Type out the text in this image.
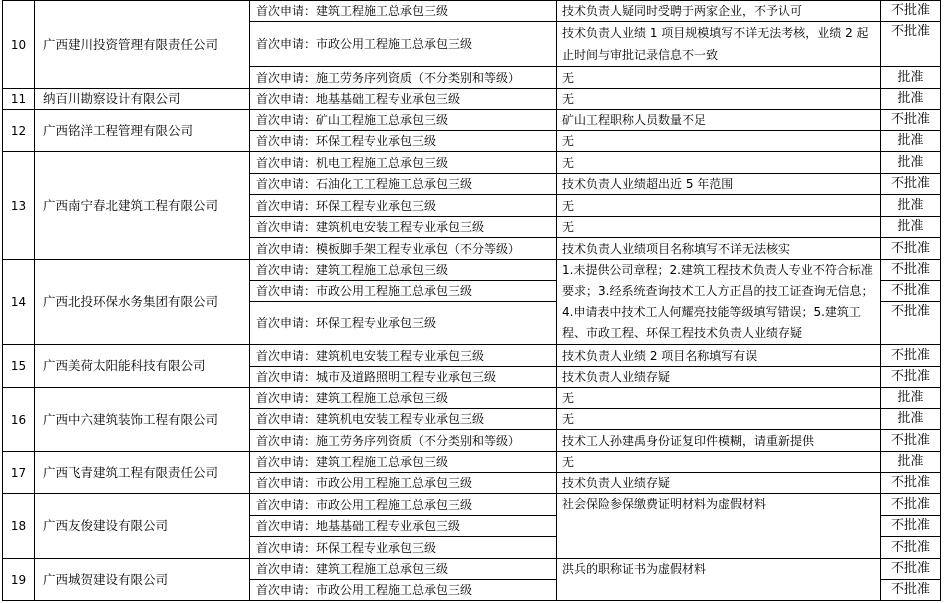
10	广西建川投资管理有限责任公司	首次申请：建筑工程施工总承包三级	技术负责人疑同时受聘于两家企业，不予认可	不批准
		首次申请：市政公用工程施工总承包三级	技术负责人业绩 1 项目规模填写不详无法考核，业绩 2 起止时间与审批记录信息不一致	不批准
		首次申请：施工劳务序列资质（不分类别和等级）	无	批准
11	纳百川勘察设计有限公司	首次申请：地基基础工程专业承包三级	无	批准
12	广西铭洋工程管理有限公司	首次申请：矿山工程施工总承包三级	矿山工程职称人员数量不足	不批准
		首次申请：环保工程专业承包三级	无	批准
13	广西南宁春北建筑工程有限公司	首次申请：机电工程施工总承包三级	无	批准
		首次申请：石油化工工程施工总承包三级	技术负责人业绩超出近 5 年范围	不批准
		首次申请：环保工程专业承包三级	无	批准
		首次申请：建筑机电安装工程专业承包三级	无	批准
		首次申请：模板脚手架工程专业承包（不分等级）	技术负责人业绩项目名称填写不详无法核实	不批准
14	广西北投环保水务集团有限公司	首次申请：建筑工程施工总承包三级	1.未提供公司章程；2.建筑工程技术负责人专业不符合标准要求；3.经系统查询技术工人方正昌的技工证查询无信息；4.申请表中技术工人何耀亮技能等级填写错误；5.建筑工程、市政工程、环保工程技术负责人业绩存疑	不批准
		首次申请：市政公用工程施工总承包三级		不批准
		首次申请：环保工程专业承包三级		不批准
15	广西美荷太阳能科技有限公司	首次申请：建筑机电安装工程专业承包三级	技术负责人业绩 2 项目名称填写有误	不批准
		首次申请：城市及道路照明工程专业承包三级	技术负责人业绩存疑	不批准
16	广西中六建筑装饰工程有限公司	首次申请：建筑工程施工总承包三级	无	批准
		首次申请：建筑机电安装工程专业承包三级	无	批准
		首次申请：施工劳务序列资质（不分类别和等级）	技术工人孙建禹身份证复印件模糊，请重新提供	不批准
17	广西飞青建筑工程有限责任公司	首次申请：建筑工程施工总承包三级	无	批准
		首次申请：市政公用工程施工总承包三级	技术负责人业绩存疑	不批准
18	广西友俊建设有限公司	首次申请：市政公用工程施工总承包三级	社会保险参保缴费证明材料为虚假材料	不批准
		首次申请：地基基础工程专业承包三级		不批准
		首次申请：环保工程专业承包三级		不批准
19	广西城贺建设有限公司	首次申请：建筑工程施工总承包三级	洪兵的职称证书为虚假材料	不批准
		首次申请：市政公用工程施工总承包三级		不批准
